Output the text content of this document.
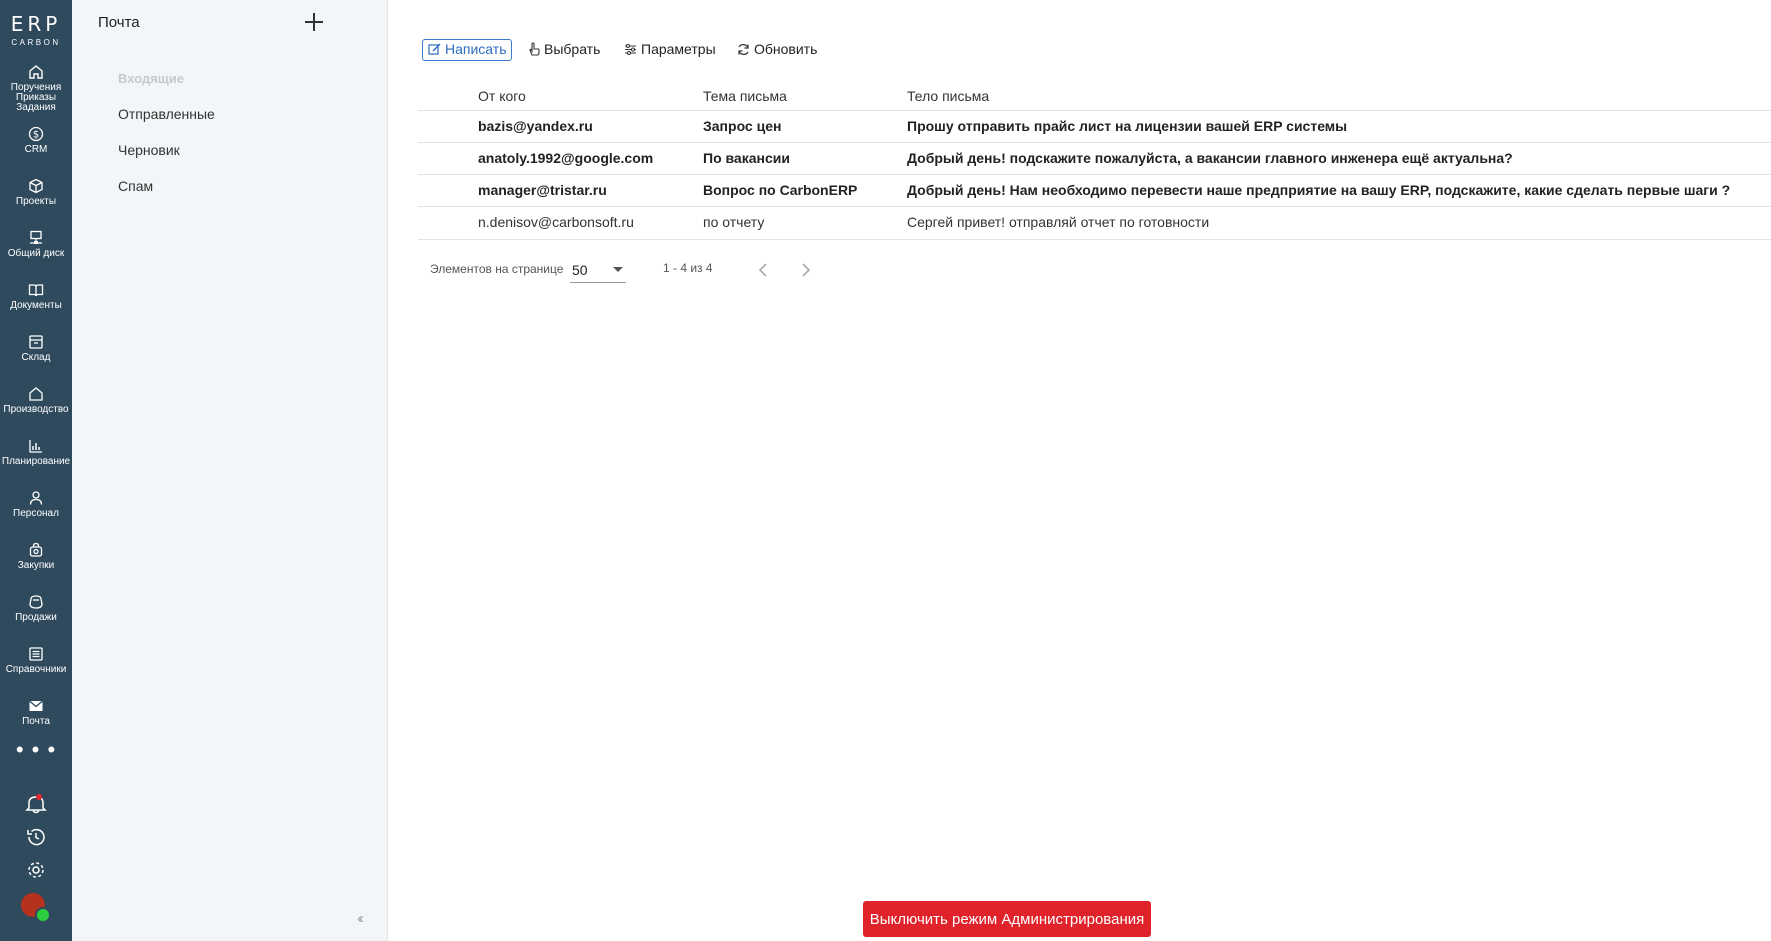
ERP
CARBON
Поручения
Приказы
Задания
$
CRM
Проекты
Общий диск
Документы
Склад
Производство
Планирование
Персонал
Закупки
Продажи
Справочники
Почта
• • •
Почта
Входящие
Отправленные
Черновик
Спам
‹‹
Написать	Выбрать	Параметры	Обновить
От кого	Тема письма	Тело письма
bazis@yandex.ru	Запрос цен	Прошу отправить прайс лист на лицензии вашей ERP системы
anatoly.1992@google.com	По вакансии	Добрый день! подскажите пожалуйста, а вакансии главного инженера ещё актуальна?
manager@tristar.ru	Вопрос по CarbonERP	Добрый день! Нам необходимо перевести наше предприятие на вашу ERP, подскажите, какие сделать первые шаги ?
n.denisov@carbonsoft.ru	по отчету	Сергей привет! отправляй отчет по готовности
Элементов на странице 50	1 - 4 из 4
Выключить режим Администрирования
